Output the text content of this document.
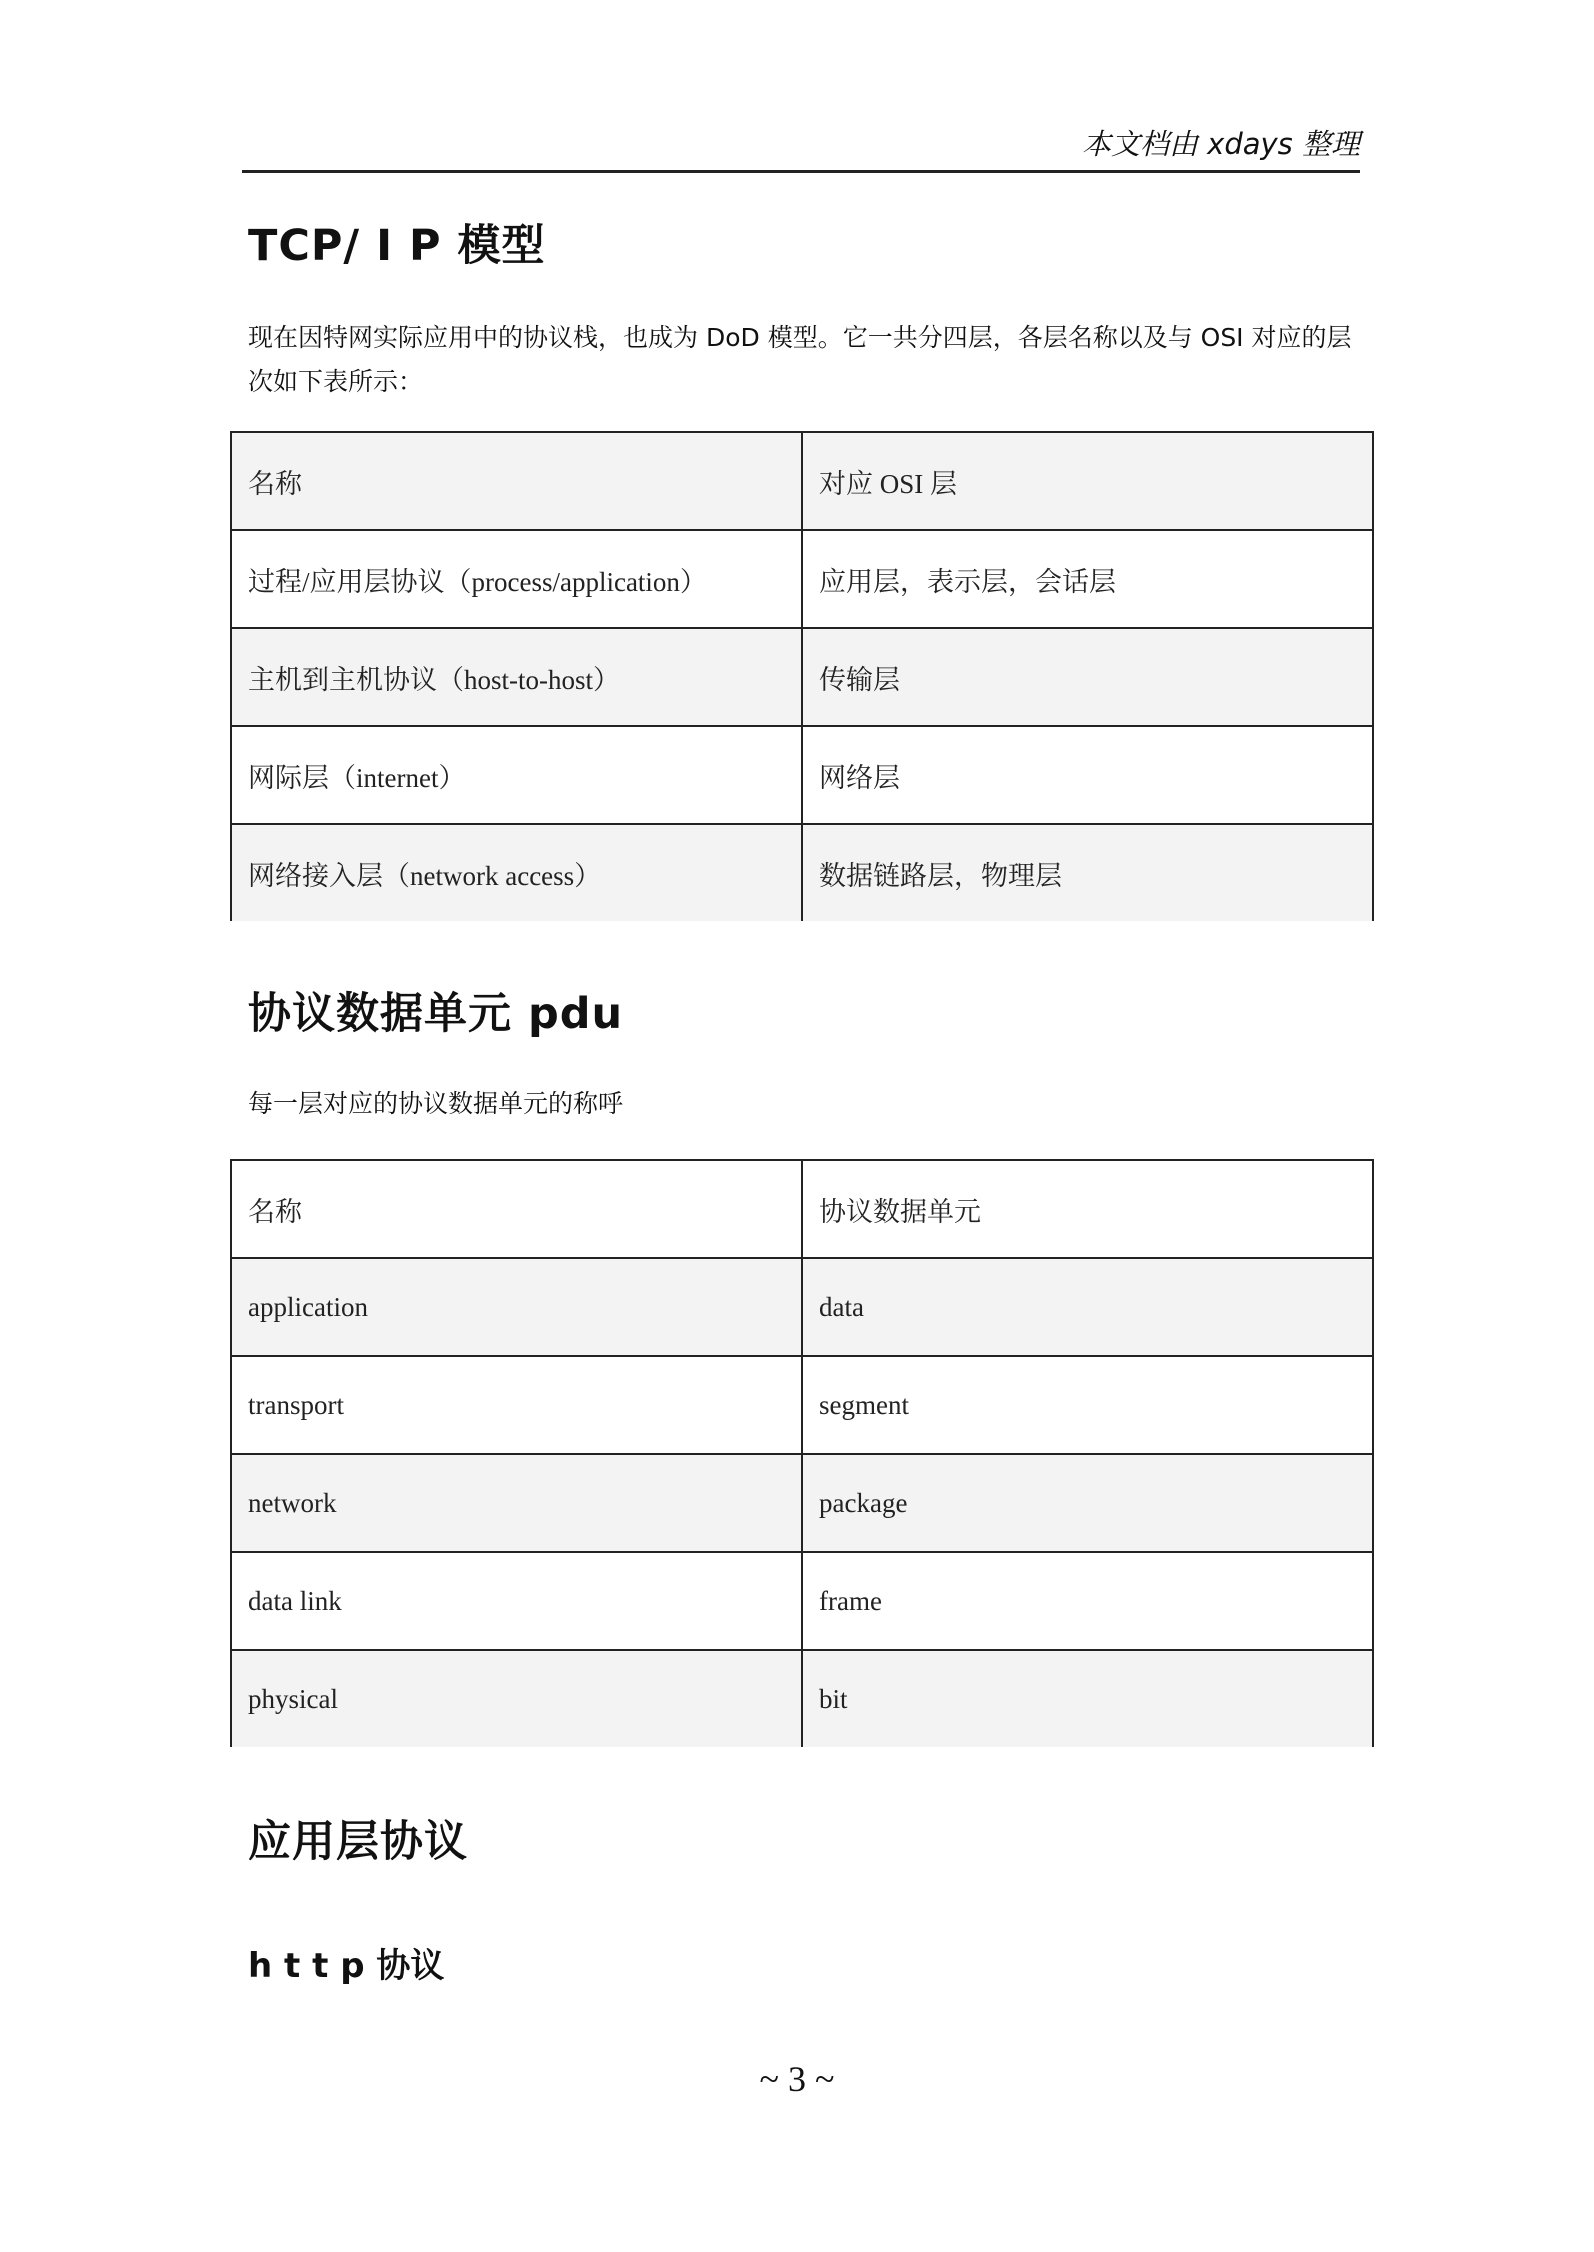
本文档由 xdays 整理
TCP/ I P 模型
现在因特网实际应用中的协议栈，也成为 DoD 模型。它一共分四层，各层名称以及与 OSI 对应的层次如下表所示：
名称	对应 OSI 层
过程/应用层协议（process/application）	应用层，表示层，会话层
主机到主机协议（host-to-host）	传输层
网际层（internet）	网络层
网络接入层（network access）	数据链路层，物理层
协议数据单元 pdu
每一层对应的协议数据单元的称呼
名称	协议数据单元
application	data
transport	segment
network	package
data link	frame
physical	bit
应用层协议
h t t p 协议
~ 3 ~
